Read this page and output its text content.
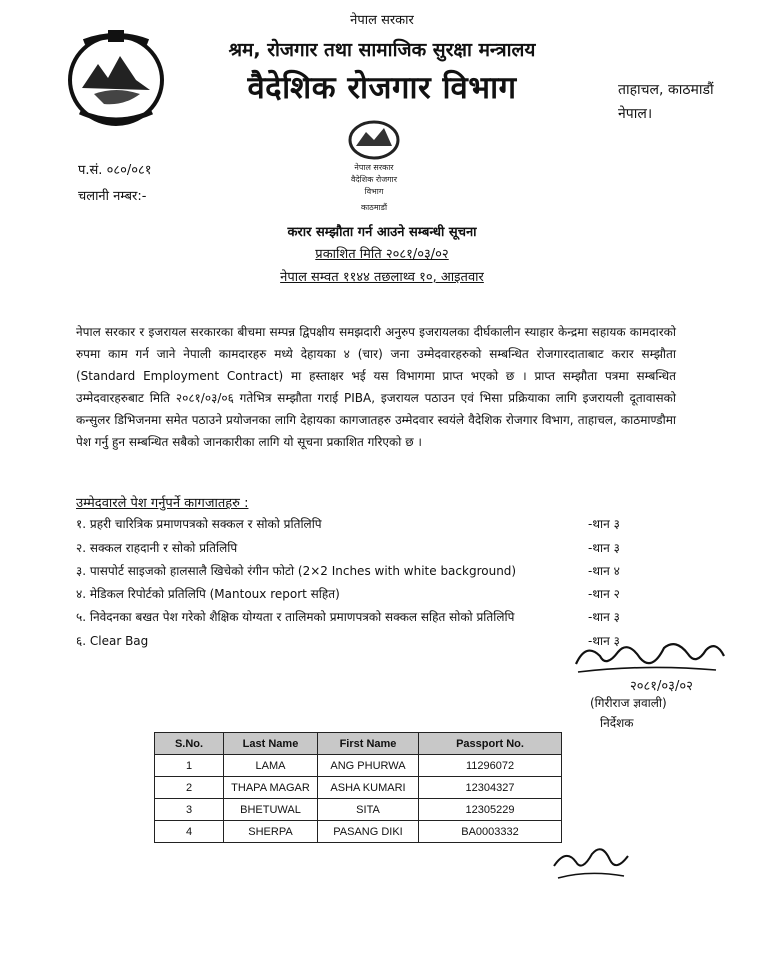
नेपाल सरकार
श्रम, रोजगार तथा सामाजिक सुरक्षा मन्त्रालय
वैदेशिक रोजगार विभाग	ताहाचल, काठमाडौं
नेपाल।
नेपाल सरकार
वैदेशिक रोजगार
विभाग
काठमाडौं
प.सं. ०८०/०८१
चलानी नम्बर:-
करार सम्झौता गर्न आउने सम्बन्धी सूचना
प्रकाशित मिति २०८१/०३/०२
नेपाल सम्वत ११४४ तछलाथ्व १०, आइतवार
नेपाल सरकार र इजरायल सरकारका बीचमा सम्पन्न द्विपक्षीय समझदारी अनुरुप इजरायलका दीर्घकालीन स्याहार केन्द्रमा सहायक कामदारको रुपमा काम गर्न जाने नेपाली कामदारहरु मध्ये देहायका ४ (चार) जना उम्मेदवारहरुको सम्बन्धित रोजगारदाताबाट करार सम्झौता (Standard Employment Contract) मा हस्ताक्षर भई यस विभागमा प्राप्त भएको छ । प्राप्त सम्झौता पत्रमा सम्बन्धित उम्मेदवारहरुबाट मिति २०८१/०३/०६ गतेभित्र सम्झौता गराई PIBA, इजरायल पठाउन एवं भिसा प्रक्रियाका लागि इजरायली दूतावासको कन्सुलर डिभिजनमा समेत पठाउने प्रयोजनका लागि देहायका कागजातहरु उम्मेदवार स्वयंले वैदेशिक रोजगार विभाग, ताहाचल, काठमाण्डौमा पेश गर्नु हुन सम्बन्धित सबैको जानकारीका लागि यो सूचना प्रकाशित गरिएको छ ।
उम्मेदवारले पेश गर्नुपर्ने कागजातहरु :
१. प्रहरी चारित्रिक प्रमाणपत्रको सक्कल र सोको प्रतिलिपि	-थान ३
२. सक्कल राहदानी र सोको प्रतिलिपि	-थान ३
३. पासपोर्ट साइजको हालसालै खिचेको रंगीन फोटो (2×2 Inches with white background)	-थान ४
४. मेडिकल रिपोर्टको प्रतिलिपि (Mantoux report सहित)	-थान २
५. निवेदनका बखत पेश गरेको शैक्षिक योग्यता र तालिमको प्रमाणपत्रको सक्कल सहित सोको प्रतिलिपि	-थान ३
६. Clear Bag	-थान ३
२०८१/०३/०२
(गिरीराज ज्ञवाली)
निर्देशक
S.No.	Last Name	First Name	Passport No.
1	LAMA	ANG PHURWA	11296072
2	THAPA MAGAR	ASHA KUMARI	12304327
3	BHETUWAL	SITA	12305229
4	SHERPA	PASANG DIKI	BA0003332
